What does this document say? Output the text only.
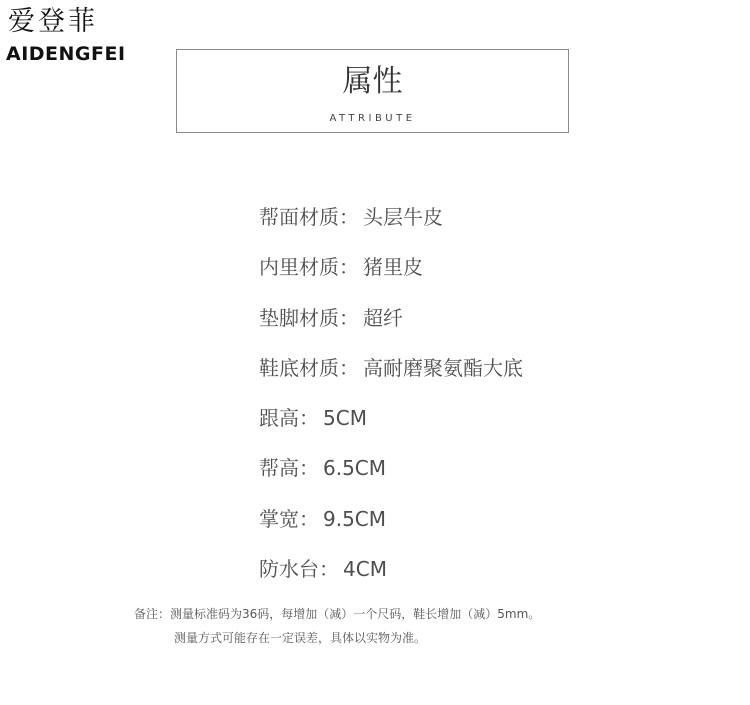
爱登菲
AIDENGFEI
属性
ATTRIBUTE
帮面材质： 头层牛皮
内里材质： 猪里皮
垫脚材质： 超纤
鞋底材质： 高耐磨聚氨酯大底
跟高： 5CM
帮高： 6.5CM
掌宽： 9.5CM
防水台： 4CM
备注：测量标准码为36码，每增加（减）一个尺码，鞋长增加（减）5mm。
测量方式可能存在一定误差，具体以实物为准。
